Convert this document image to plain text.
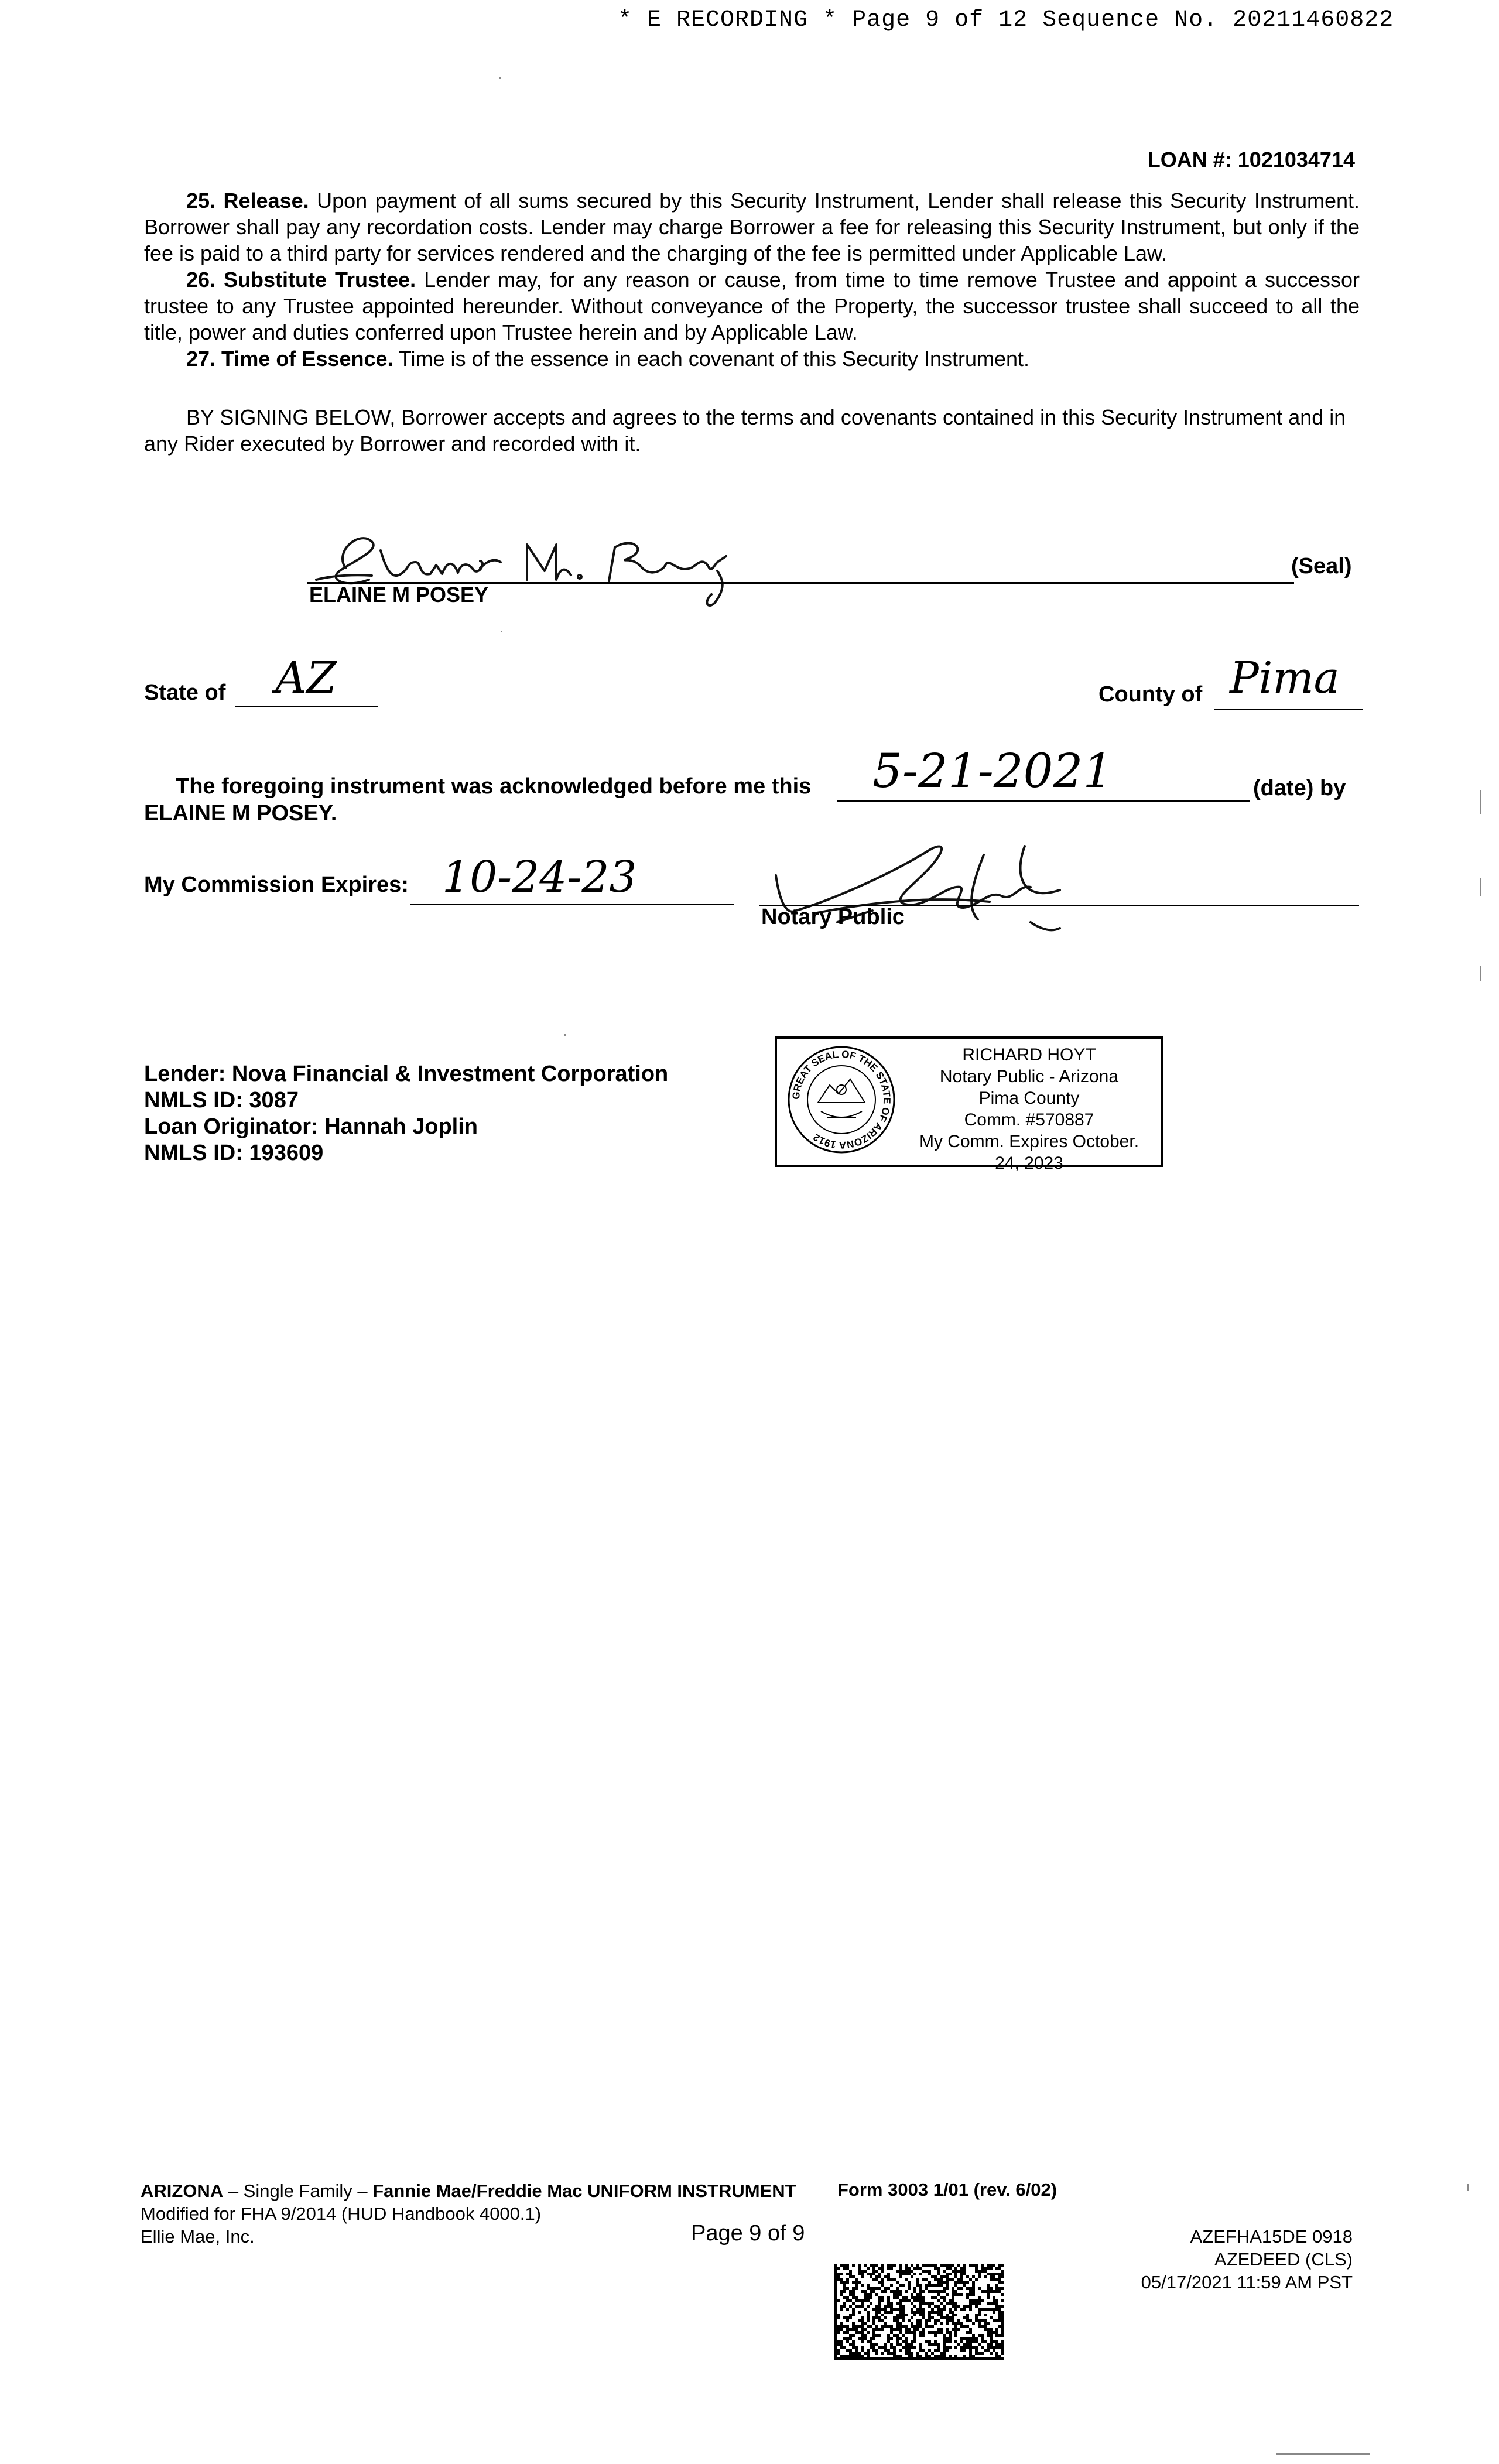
* E RECORDING * Page 9 of 12 Sequence No. 20211460822
LOAN #: 1021034714
25. Release. Upon payment of all sums secured by this Security Instrument, Lender shall release this Security Instrument. Borrower shall pay any recordation costs. Lender may charge Borrower a fee for releasing this Security Instrument, but only if the fee is paid to a third party for services rendered and the charging of the fee is permitted under Applicable Law.
26. Substitute Trustee. Lender may, for any reason or cause, from time to time remove Trustee and appoint a successor trustee to any Trustee appointed hereunder. Without conveyance of the Property, the successor trustee shall succeed to all the title, power and duties conferred upon Trustee herein and by Applicable Law.
27. Time of Essence. Time is of the essence in each covenant of this Security Instrument.
BY SIGNING BELOW, Borrower accepts and agrees to the terms and covenants contained in this Security Instrument and in any Rider executed by Borrower and recorded with it.
ELAINE M POSEY
(Seal)
State of AZ	County of Pima
The foregoing instrument was acknowledged before me this 5-21-2021	(date) by
ELAINE M POSEY.
My Commission Expires: 10-24-23
Notary Public
Lender: Nova Financial & Investment Corporation
NMLS ID: 3087
Loan Originator: Hannah Joplin
NMLS ID: 193609
GREAT SEAL OF THE STATE OF ARIZONA 1912
RICHARD HOYT
Notary Public - Arizona
Pima County
Comm. #570887
My Comm. Expires October. 24, 2023
ARIZONA – Single Family – Fannie Mae/Freddie Mac UNIFORM INSTRUMENT
Modified for FHA 9/2014 (HUD Handbook 4000.1)
Ellie Mae, Inc.
Form 3003 1/01 (rev. 6/02)
Page 9 of 9	AZEFHA15DE 0918
AZEDEED (CLS)
05/17/2021 11:59 AM PST
